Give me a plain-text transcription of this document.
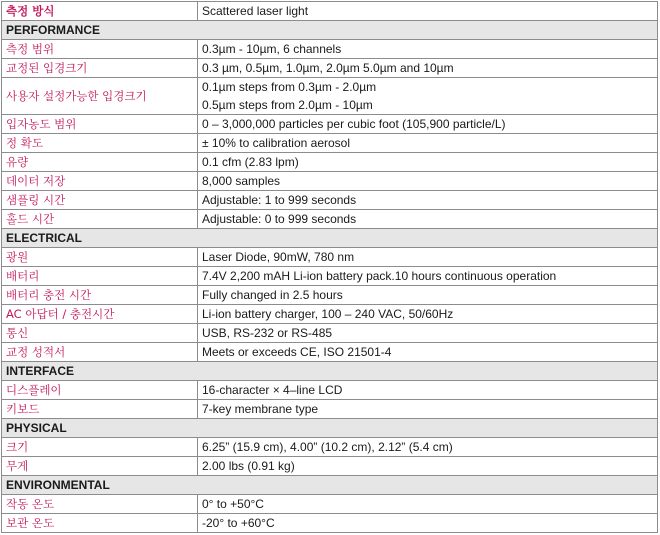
측정 방식	Scattered laser light
PERFORMANCE	
측정 범위	0.3µm - 10µm, 6 channels
교정된 입경크기	0.3 µm, 0.5µm, 1.0µm, 2.0µm 5.0µm and 10µm
사용자 설정가능한 입경크기	0.1µm steps from 0.3µm - 2.0µm
0.5µm steps from 2.0µm - 10µm

입자농도 범위	0 – 3,000,000 particles per cubic foot (105,900 particle/L)
정 확도	± 10% to calibration aerosol
유량	0.1 cfm (2.83 lpm)
데이터 저장	8,000 samples
샘플링 시간	Adjustable: 1 to 999 seconds
홀드 시간	Adjustable: 0 to 999 seconds
ELECTRICAL	
광원	Laser Diode, 90mW, 780 nm
배터리	7.4V 2,200 mAH Li-ion battery pack.10 hours continuous operation
배터리 충전 시간	Fully changed in 2.5 hours
AC 아답터 / 충전시간	Li-ion battery charger, 100 – 240 VAC, 50/60Hz
통신	USB, RS-232 or RS-485
교정 성적서	Meets or exceeds CE, ISO 21501-4
INTERFACE	
디스플레이	16-character × 4–line LCD
키보드	7-key membrane type
PHYSICAL	
크기	6.25” (15.9 cm), 4.00” (10.2 cm), 2.12” (5.4 cm)
무게	2.00 lbs (0.91 kg)
ENVIRONMENTAL	
작동 온도	0° to +50°C
보관 온도	-20° to +60°C
